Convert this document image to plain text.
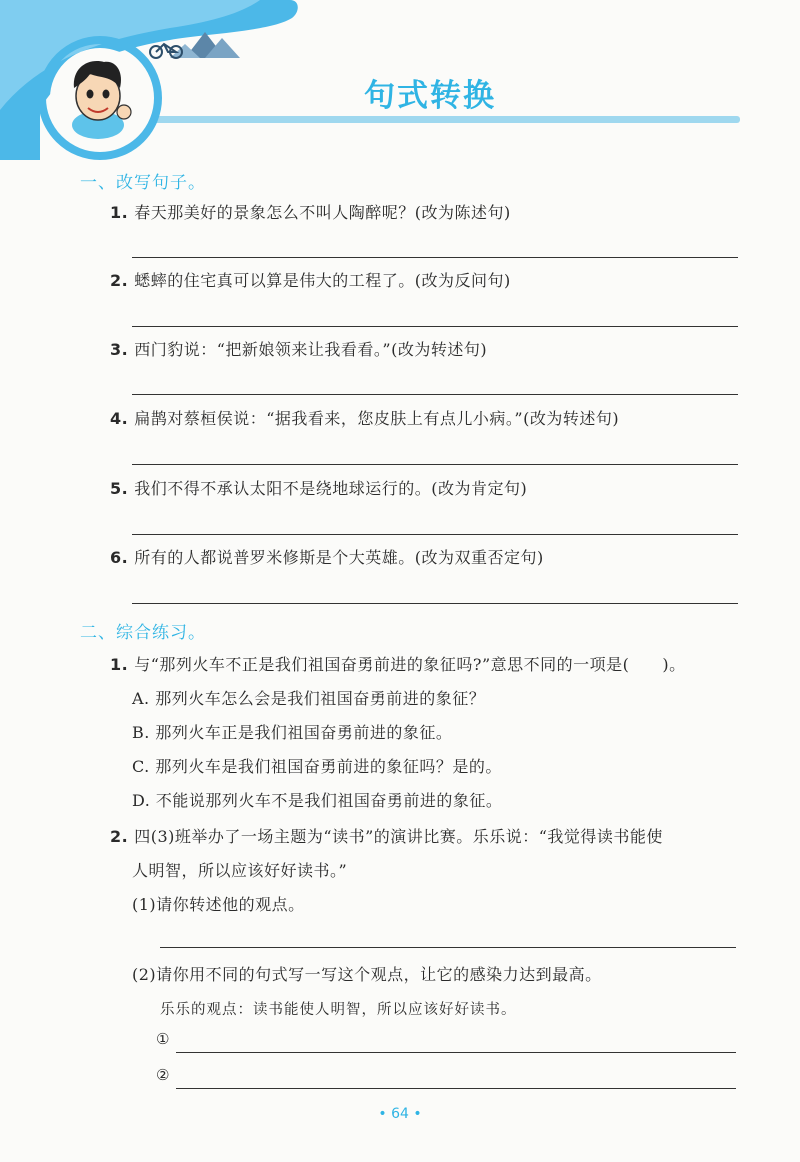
句式转换
一、改写句子。
1. 春天那美好的景象怎么不叫人陶醉呢？(改为陈述句)
2. 蟋蟀的住宅真可以算是伟大的工程了。(改为反问句)
3. 西门豹说：“把新娘领来让我看看。”(改为转述句)
4. 扁鹊对蔡桓侯说：“据我看来，您皮肤上有点儿小病。”(改为转述句)
5. 我们不得不承认太阳不是绕地球运行的。(改为肯定句)
6. 所有的人都说普罗米修斯是个大英雄。(改为双重否定句)
二、综合练习。
1. 与“那列火车不正是我们祖国奋勇前进的象征吗?”意思不同的一项是(　　)。
A. 那列火车怎么会是我们祖国奋勇前进的象征？
B. 那列火车正是我们祖国奋勇前进的象征。
C. 那列火车是我们祖国奋勇前进的象征吗？是的。
D. 不能说那列火车不是我们祖国奋勇前进的象征。
2. 四(3)班举办了一场主题为“读书”的演讲比赛。乐乐说：“我觉得读书能使
人明智，所以应该好好读书。”
(1)请你转述他的观点。
(2)请你用不同的句式写一写这个观点，让它的感染力达到最高。
乐乐的观点：读书能使人明智，所以应该好好读书。
①
②
• 64 •
